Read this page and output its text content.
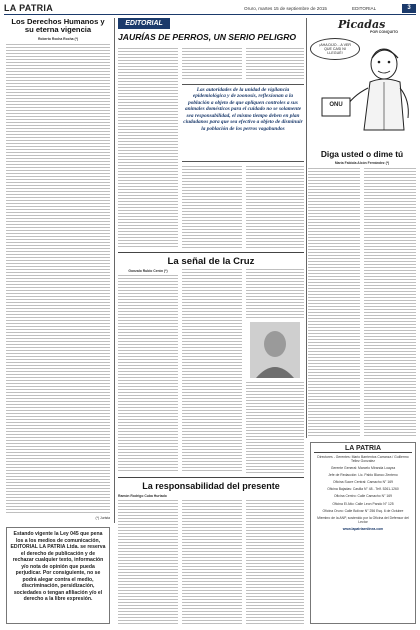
LA PATRIA	Oruro, martes 15 de septiembre de 2015	EDITORIAL	3
Los Derechos Humanos y su eterna vigencia
Roberto Rocha Rocha (*)
(*) Jurista
Estando vigente la Ley 045 que pena los a los medios de comunicación, EDITORIAL LA PATRIA Ltda. se reserva el derecho de publicación y de rechazar cualquier texto, información y/o nota de opinión que pueda perjudicar. Por consiguiente, no se podrá alegar contra el medio, discriminación, persidización, sociedades o tengan afiliación y/o el derecho a la libre expresión.
EDITORIAL
JAURÍAS DE PERROS, UN SERIO PELIGRO
Las autoridades de la unidad de vigilancia epidemiológica y de zoonosis, reflexionan a la población a objeto de que apliquen controles a sus animales domésticos para el cuidado no se solamente sea responsabilidad, el mismo tiempo deben en plan ciudadanos para que sea efectivo a objeto de disminuir la población de los perros vagabundos
Picadas
POR CONQUITO
¡AHA DIJO... A VER QUE CASI NI LLEGUÉ!
ONU
Diga usted o dime tú
María Fabiola Alcón Fernández (*)
La señal de la Cruz
Gonzalo Rubio Cerón (*)
La responsabilidad del presente
Ramón Rodrigo Cuba Hurtado
LA PATRIA
Directores - Gerentes: Mario Barrientos Carranza / Guillermo Tellez Gonzalez
Gerente General: Marcelo Miranda Loayza
Jefe de Redacción: Lic. Pablo Blanco Zenteno
Oficina Sucre Central: Camacho N° 169
Oficina Bajadas: Casilla N° 48 - Telf. 5261-1260
Oficina Centro: Calle Camacho N° 169
Oficina El Alto: Calle Leon Pando N° 125
Oficina Oruro: Calle Bolívar N° 256 Esq. 6 de Octubre
Miembro de la ANP, sostenido por la Oficina del Defensor del Lector
www.lapatriaenlinea.com
